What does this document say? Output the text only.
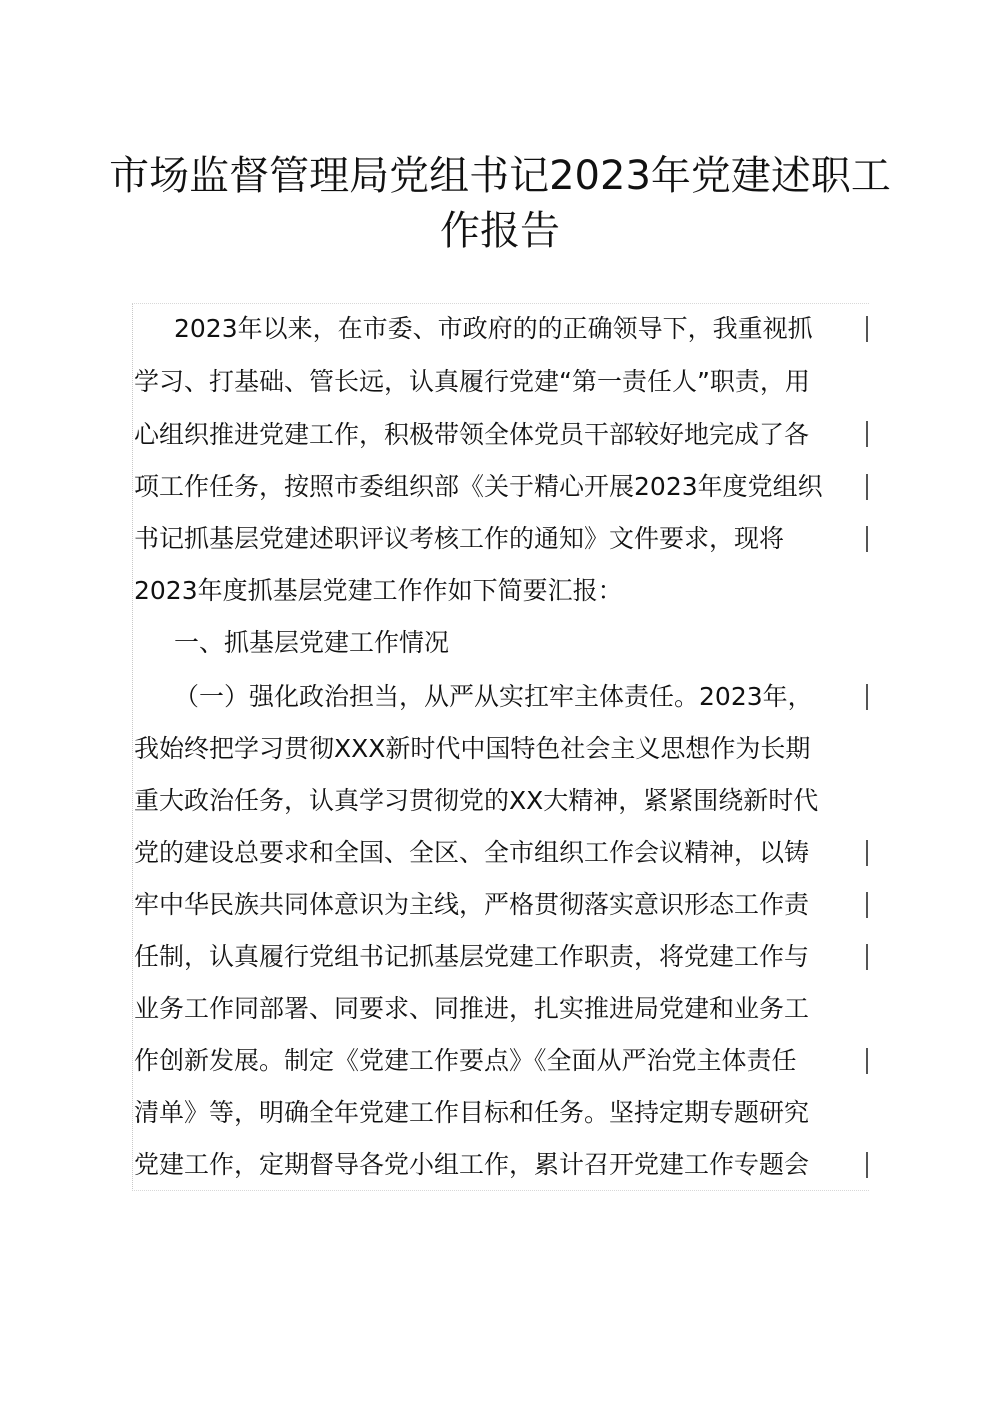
市场监督管理局党组书记2023年党建述职工
作报告

2023年以来，在市委、市政府的的正确领导下，我重视抓

学习、打基础、管长远，认真履行党建“第一责任人”职责，用

心组织推进党建工作，积极带领全体党员干部较好地完成了各

项工作任务，按照市委组织部《关于精心开展2023年度党组织

书记抓基层党建述职评议考核工作的通知》文件要求，现将

2023年度抓基层党建工作作如下简要汇报：

一、抓基层党建工作情况

（一）强化政治担当，从严从实扛牢主体责任。2023年，

我始终把学习贯彻XXX新时代中国特色社会主义思想作为长期

重大政治任务，认真学习贯彻党的XX大精神，紧紧围绕新时代

党的建设总要求和全国、全区、全市组织工作会议精神，以铸

牢中华民族共同体意识为主线，严格贯彻落实意识形态工作责

任制，认真履行党组书记抓基层党建工作职责，将党建工作与

业务工作同部署、同要求、同推进，扎实推进局党建和业务工

作创新发展。制定《党建工作要点》《全面从严治党主体责任

清单》等，明确全年党建工作目标和任务。坚持定期专题研究

党建工作，定期督导各党小组工作，累计召开党建工作专题会
